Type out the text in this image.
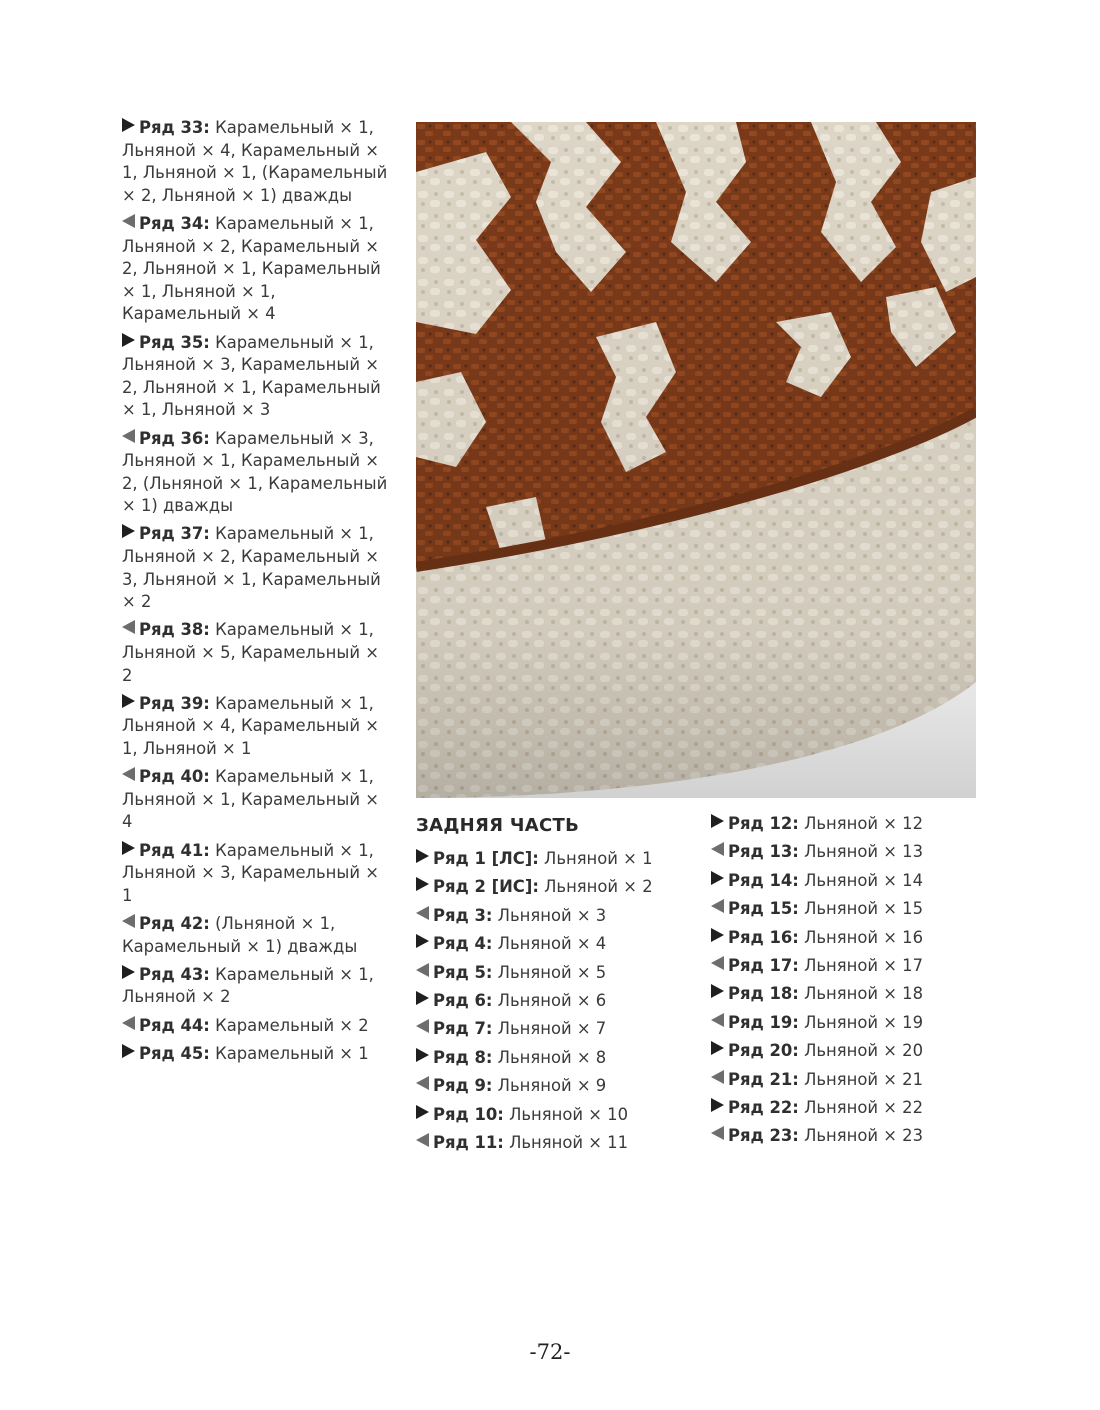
Ряд 33: Карамельный × 1, Льняной × 4, Карамельный × 1, Льняной × 1, (Карамельный × 2, Льняной × 1) дважды
Ряд 34: Карамельный × 1, Льняной × 2, Карамельный × 2, Льняной × 1, Карамельный × 1, Льняной × 1, Карамельный × 4
Ряд 35: Карамельный × 1, Льняной × 3, Карамельный × 2, Льняной × 1, Карамельный × 1, Льняной × 3
Ряд 36: Карамельный × 3, Льняной × 1, Карамельный × 2, (Льняной × 1, Карамельный × 1) дважды
Ряд 37: Карамельный × 1, Льняной × 2, Карамельный × 3, Льняной × 1, Карамельный × 2
Ряд 38: Карамельный × 1, Льняной × 5, Карамельный × 2
Ряд 39: Карамельный × 1, Льняной × 4, Карамельный × 1, Льняной × 1
Ряд 40: Карамельный × 1, Льняной × 1, Карамельный × 4
Ряд 41: Карамельный × 1, Льняной × 3, Карамельный × 1
Ряд 42: (Льняной × 1, Карамельный × 1) дважды
Ряд 43: Карамельный × 1, Льняной × 2
Ряд 44: Карамельный × 2
Ряд 45: Карамельный × 1
ЗАДНЯЯ ЧАСТЬ
Ряд 1 [ЛС]: Льняной × 1
Ряд 2 [ИС]: Льняной × 2
Ряд 3: Льняной × 3
Ряд 4: Льняной × 4
Ряд 5: Льняной × 5
Ряд 6: Льняной × 6
Ряд 7: Льняной × 7
Ряд 8: Льняной × 8
Ряд 9: Льняной × 9
Ряд 10: Льняной × 10
Ряд 11: Льняной × 11
Ряд 12: Льняной × 12
Ряд 13: Льняной × 13
Ряд 14: Льняной × 14
Ряд 15: Льняной × 15
Ряд 16: Льняной × 16
Ряд 17: Льняной × 17
Ряд 18: Льняной × 18
Ряд 19: Льняной × 19
Ряд 20: Льняной × 20
Ряд 21: Льняной × 21
Ряд 22: Льняной × 22
Ряд 23: Льняной × 23
-72-
